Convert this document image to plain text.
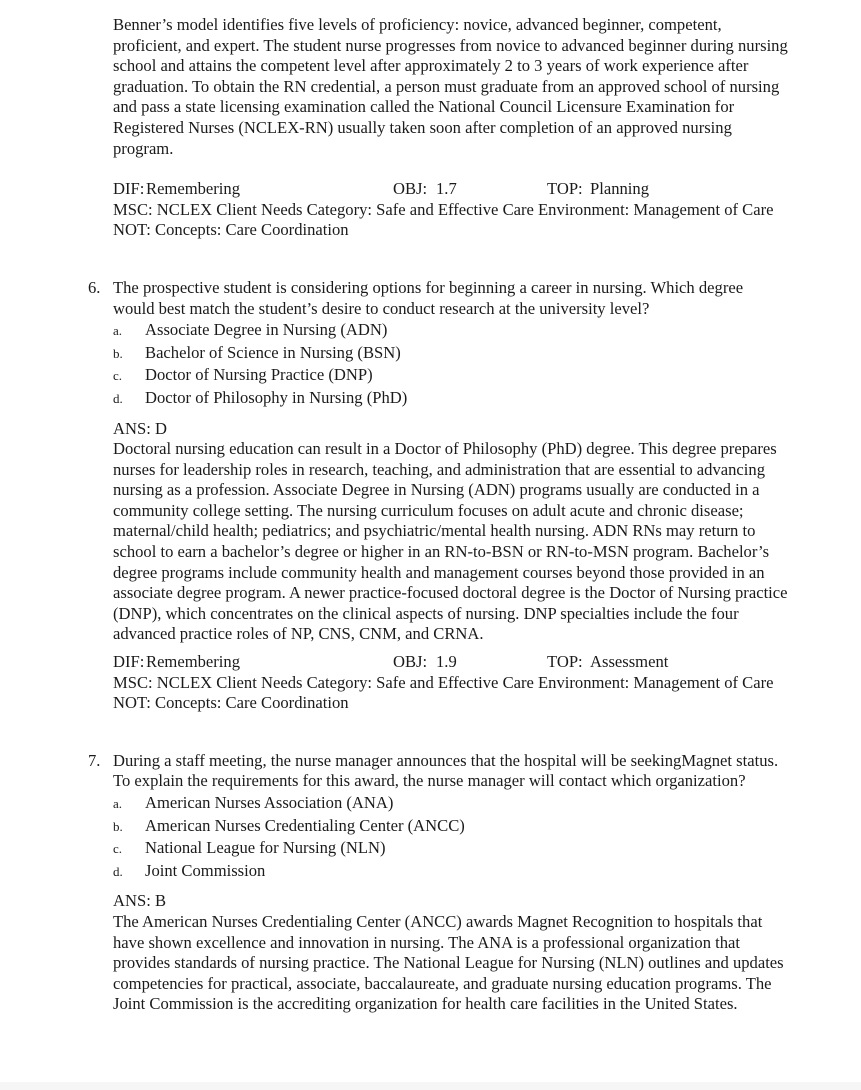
Benner’s model identifies five levels of proficiency: novice, advanced beginner, competent, proficient, and expert. The student nurse progresses from novice to advanced beginner during nursing school and attains the competent level after approximately 2 to 3 years of work experience after graduation. To obtain the RN credential, a person must graduate from an approved school of nursing and pass a state licensing examination called the National Council Licensure Examination for Registered Nurses (NCLEX-RN) usually taken soon after completion of an approved nursing program.

DIF:Remembering	OBJ: 1.7	TOP: Planning
MSC: NCLEX Client Needs Category: Safe and Effective Care Environment: Management of Care
NOT: Concepts: Care Coordination
6. The prospective student is considering options for beginning a career in nursing. Which degree would best match the student’s desire to conduct research at the university level?

a. Associate Degree in Nursing (ADN)
b. Bachelor of Science in Nursing (BSN)
c. Doctor of Nursing Practice (DNP)
d. Doctor of Philosophy in Nursing (PhD)
ANS: D

Doctoral nursing education can result in a Doctor of Philosophy (PhD) degree. This degree prepares nurses for leadership roles in research, teaching, and administration that are essential to advancing nursing as a profession. Associate Degree in Nursing (ADN) programs usually are conducted in a community college setting. The nursing curriculum focuses on adult acute and chronic disease; maternal/child health; pediatrics; and psychiatric/mental health nursing. ADN RNs may return to school to earn a bachelor’s degree or higher in an RN-to-BSN or RN-to-MSN program. Bachelor’s degree programs include community health and management courses beyond those provided in an associate degree program. A newer practice-focused doctoral degree is the Doctor of Nursing practice (DNP), which concentrates on the clinical aspects of nursing. DNP specialties include the four advanced practice roles of NP, CNS, CNM, and CRNA.

DIF:Remembering	OBJ: 1.9	TOP: Assessment
MSC: NCLEX Client Needs Category: Safe and Effective Care Environment: Management of Care
NOT: Concepts: Care Coordination
7. During a staff meeting, the nurse manager announces that the hospital will be seekingMagnet status. To explain the requirements for this award, the nurse manager will contact which organization?

a. American Nurses Association (ANA)
b. American Nurses Credentialing Center (ANCC)
c. National League for Nursing (NLN)
d. Joint Commission
ANS: B

The American Nurses Credentialing Center (ANCC) awards Magnet Recognition to hospitals that have shown excellence and innovation in nursing. The ANA is a professional organization that provides standards of nursing practice. The National League for Nursing (NLN) outlines and updates competencies for practical, associate, baccalaureate, and graduate nursing education programs. The Joint Commission is the accrediting organization for health care facilities in the United States.
